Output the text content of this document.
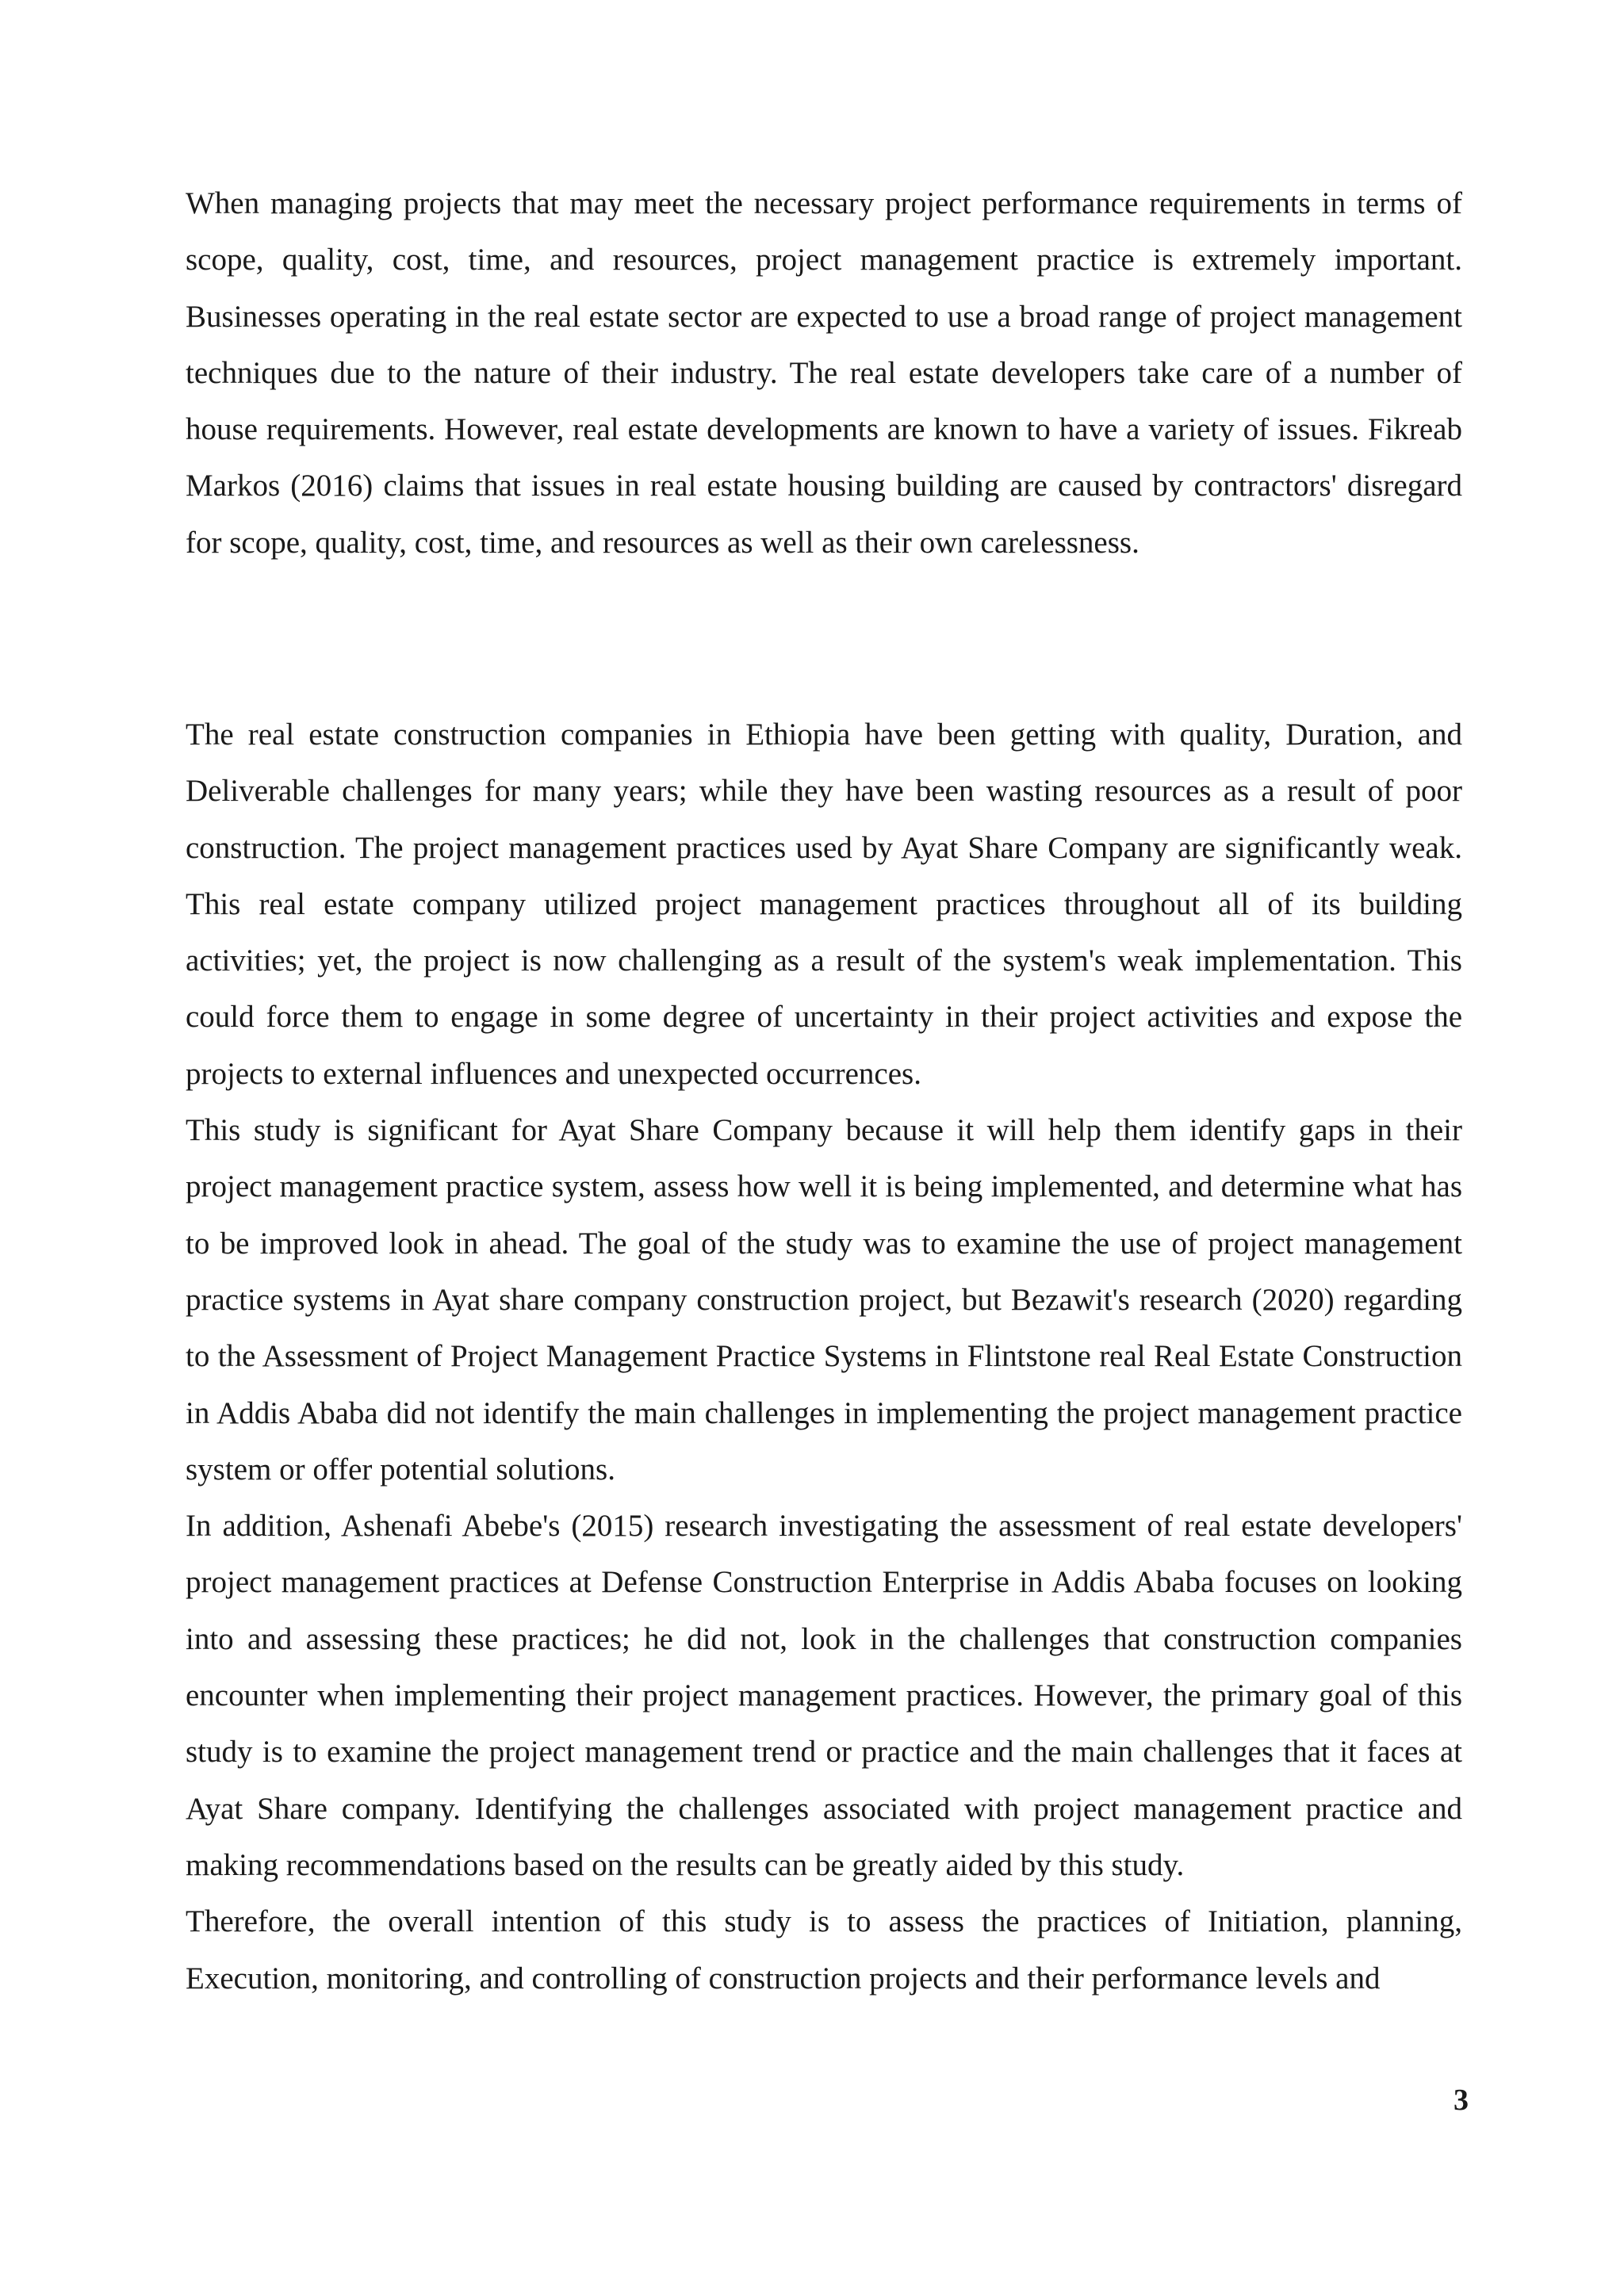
When managing projects that may meet the necessary project performance requirements in terms of scope, quality, cost, time, and resources, project management practice is extremely important. Businesses operating in the real estate sector are expected to use a broad range of project management techniques due to the nature of their industry. The real estate developers take care of a number of house requirements. However, real estate developments are known to have a variety of issues. Fikreab Markos (2016) claims that issues in real estate housing building are caused by contractors' disregard for scope, quality, cost, time, and resources as well as their own carelessness.

The real estate construction companies in Ethiopia have been getting with quality, Duration, and Deliverable challenges for many years; while they have been wasting resources as a result of poor construction. The project management practices used by Ayat Share Company are significantly weak. This real estate company utilized project management practices throughout all of its building activities; yet, the project is now challenging as a result of the system's weak implementation. This could force them to engage in some degree of uncertainty in their project activities and expose the projects to external influences and unexpected occurrences.

This study is significant for Ayat Share Company because it will help them identify gaps in their project management practice system, assess how well it is being implemented, and determine what has to be improved look in ahead. The goal of the study was to examine the use of project management practice systems in Ayat share company construction project, but Bezawit's research (2020) regarding to the Assessment of Project Management Practice Systems in Flintstone real Real Estate Construction in Addis Ababa did not identify the main challenges in implementing the project management practice system or offer potential solutions.

In addition, Ashenafi Abebe's (2015) research investigating the assessment of real estate developers' project management practices at Defense Construction Enterprise in Addis Ababa focuses on looking into and assessing these practices; he did not, look in the challenges that construction companies encounter when implementing their project management practices. However, the primary goal of this study is to examine the project management trend or practice and the main challenges that it faces at Ayat Share company. Identifying the challenges associated with project management practice and making recommendations based on the results can be greatly aided by this study.

Therefore, the overall intention of this study is to assess the practices of Initiation, planning, Execution, monitoring, and controlling of construction projects and their performance levels and

3
